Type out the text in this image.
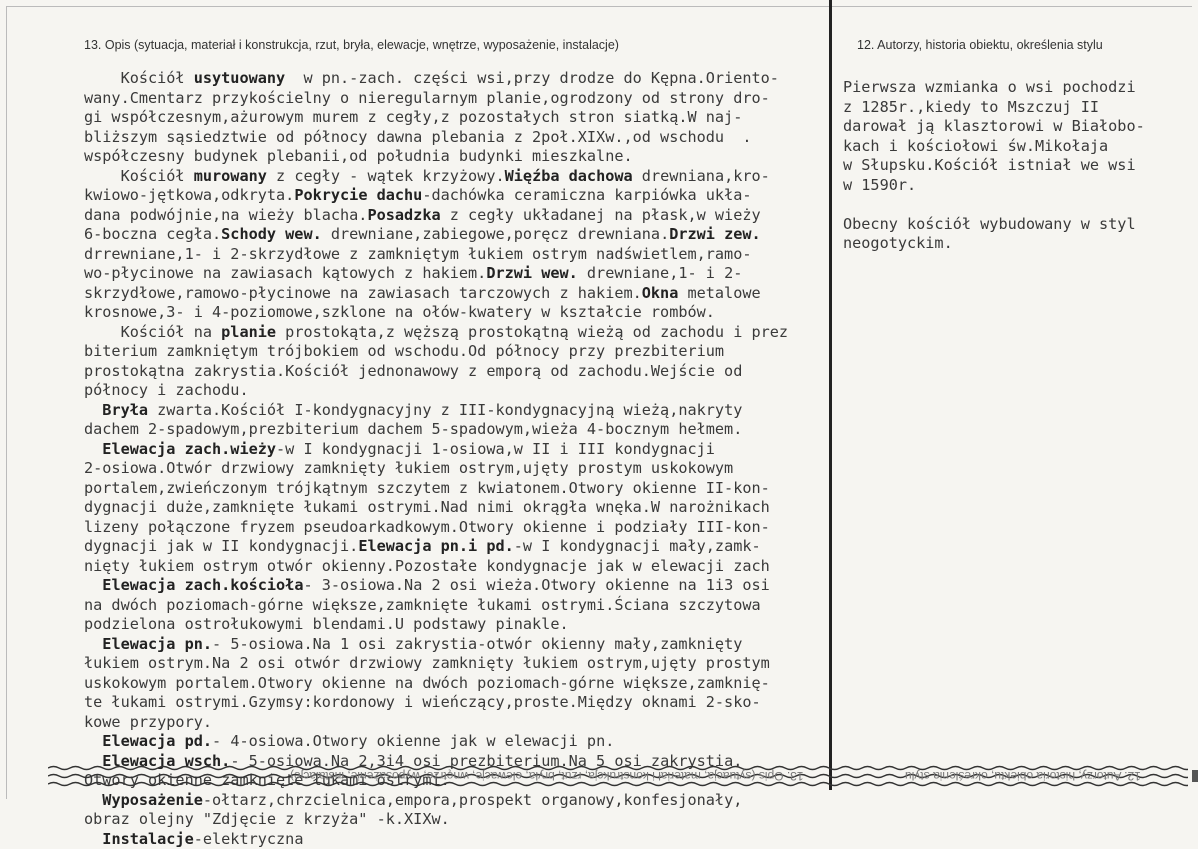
13. Opis (sytuacja, materiał i konstrukcja, rzut, bryła, elewacje, wnętrze, wyposażenie, instalacje)	12. Autorzy, historia obiektu, określenia stylu
Kościół usytuowany  w pn.-zach. części wsi,przy drodze do Kępna.Oriento-
wany.Cmentarz przykościelny o nieregularnym planie,ogrodzony od strony dro-
gi współczesnym,ażurowym murem z cegły,z pozostałych stron siatką.W naj-
bliższym sąsiedztwie od północy dawna plebania z 2poł.XIXw.,od wschodu  .
współczesny budynek plebanii,od południa budynki mieszkalne.
Kościół murowany z cegły - wątek krzyżowy.Więźba dachowa drewniana,kro-
kwiowo-jętkowa,odkryta.Pokrycie dachu-dachówka ceramiczna karpiówka ukła-
dana podwójnie,na wieży blacha.Posadzka z cegły układanej na płask,w wieży
6-boczna cegła.Schody wew. drewniane,zabiegowe,poręcz drewniana.Drzwi zew.
drrewniane,1- i 2-skrzydłowe z zamkniętym łukiem ostrym nadświetlem,ramo-
wo-płycinowe na zawiasach kątowych z hakiem.Drzwi wew. drewniane,1- i 2-
skrzydłowe,ramowo-płycinowe na zawiasach tarczowych z hakiem.Okna metalowe
krosnowe,3- i 4-poziomowe,szklone na ołów-kwatery w kształcie rombów.
Kościół na planie prostokąta,z węższą prostokątną wieżą od zachodu i prez
biterium zamkniętym trójbokiem od wschodu.Od północy przy prezbiterium
prostokątna zakrystia.Kościół jednonawowy z emporą od zachodu.Wejście od
północy i zachodu.
Bryła zwarta.Kościół I-kondygnacyjny z III-kondygnacyjną wieżą,nakryty
dachem 2-spadowym,prezbiterium dachem 5-spadowym,wieża 4-bocznym hełmem.
Elewacja zach.wieży-w I kondygnacji 1-osiowa,w II i III kondygnacji
2-osiowa.Otwór drzwiowy zamknięty łukiem ostrym,ujęty prostym uskokowym
portalem,zwieńczonym trójkątnym szczytem z kwiatonem.Otwory okienne II-kon-
dygnacji duże,zamknięte łukami ostrymi.Nad nimi okrągła wnęka.W narożnikach
lizeny połączone fryzem pseudoarkadkowym.Otwory okienne i podziały III-kon-
dygnacji jak w II kondygnacji.Elewacja pn.i pd.-w I kondygnacji mały,zamk-
nięty łukiem ostrym otwór okienny.Pozostałe kondygnacje jak w elewacji zach
Elewacja zach.kościoła- 3-osiowa.Na 2 osi wieża.Otwory okienne na 1i3 osi
na dwóch poziomach-górne większe,zamknięte łukami ostrymi.Ściana szczytowa
podzielona ostrołukowymi blendami.U podstawy pinakle.
Elewacja pn.- 5-osiowa.Na 1 osi zakrystia-otwór okienny mały,zamknięty
łukiem ostrym.Na 2 osi otwór drzwiowy zamknięty łukiem ostrym,ujęty prostym
uskokowym portalem.Otwory okienne na dwóch poziomach-górne większe,zamknię-
te łukami ostrymi.Gzymsy:kordonowy i wieńczący,proste.Między oknami 2-sko-
kowe przypory.
Elewacja pd.- 4-osiowa.Otwory okienne jak w elewacji pn.
Elewacja wsch.- 5-osiowa.Na 2,3i4 osi prezbiterium.Na 5 osi zakrystia.
Otwory okienne zamknięte łukami ostrymi.
Wyposażenie-ołtarz,chrzcielnica,empora,prospekt organowy,konfesjonały,
obraz olejny "Zdjęcie z krzyża" -k.XIXw.
Instalacje-elektryczna
Pierwsza wzmianka o wsi pochodzi
z 1285r.,kiedy to Mszczuj II
darował ją klasztorowi w Białobo-
kach i kościołowi św.Mikołaja
w Słupsku.Kościół istniał we wsi
w 1590r.
Obecny kościół wybudowany w styl
neogotyckim.
13. Opis (sytuacja, materiał i konstrukcja, rzut, bryła, elewacje, wnętrze, wyposażenie, instalacje)	12. Autorzy, historia obiektu, określenia stylu
